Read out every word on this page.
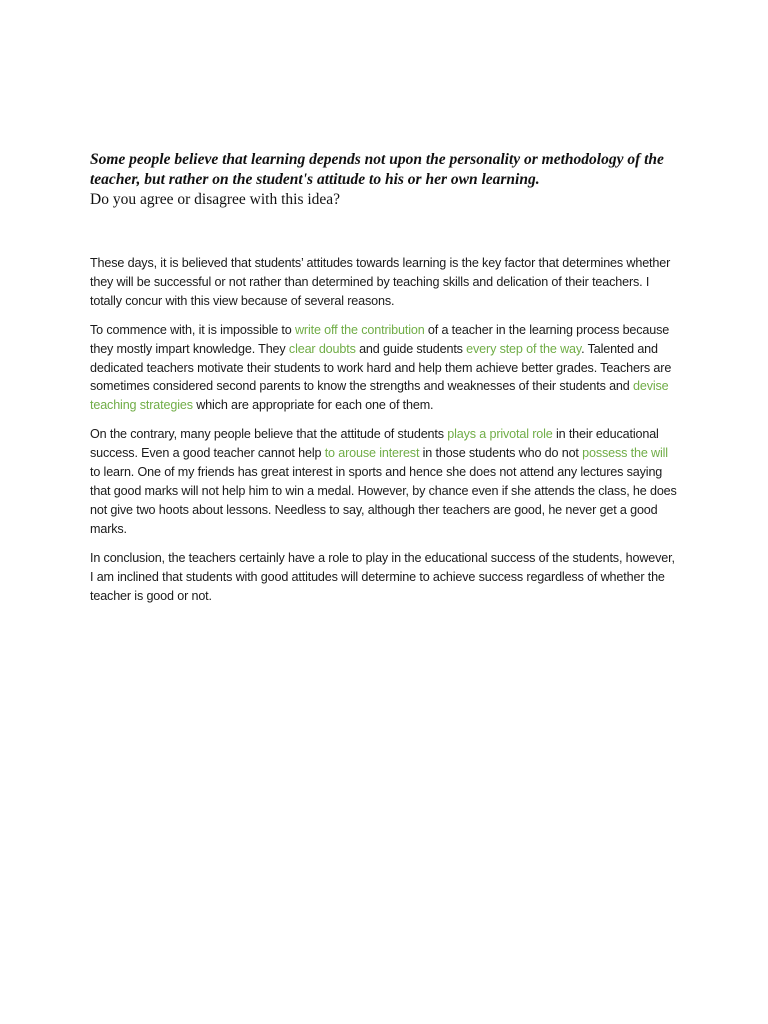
Some people believe that learning depends not upon the personality or methodology of the teacher, but rather on the student's attitude to his or her own learning.

Do you agree or disagree with this idea?

These days, it is believed that students’ attitudes towards learning is the key factor that determines whether they will be successful or not rather than determined by teaching skills and delication of their teachers. I totally concur with this view because of several reasons.

To commence with, it is impossible to write off the contribution of a teacher in the learning process because they mostly impart knowledge. They clear doubts and guide students every step of the way. Talented and dedicated teachers motivate their students to work hard and help them achieve better grades. Teachers are sometimes considered second parents to know the strengths and weaknesses of their students and devise teaching strategies which are appropriate for each one of them.

On the contrary, many people believe that the attitude of students plays a privotal role in their educational success. Even a good teacher cannot help to arouse interest in those students who do not possess the will to learn. One of my friends has great interest in sports and hence she does not attend any lectures saying that good marks will not help him to win a medal. However, by chance even if she attends the class, he does not give two hoots about lessons. Needless to say, although ther teachers are good, he never get a good marks.

In conclusion, the teachers certainly have a role to play in the educational success of the students, however, I am inclined that students with good attitudes will determine to achieve success regardless of whether the teacher is good or not.
